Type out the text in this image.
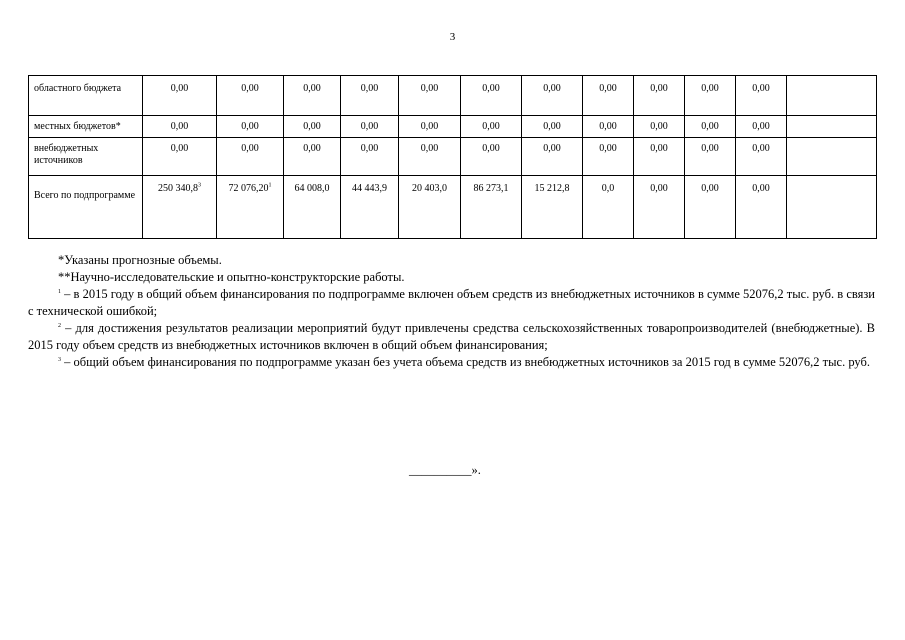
3
областного бюджета	0,00	0,00	0,00	0,00	0,00	0,00	0,00	0,00	0,00	0,00	0,00	
местных бюджетов*	0,00	0,00	0,00	0,00	0,00	0,00	0,00	0,00	0,00	0,00	0,00	
внебюджетных источников	0,00	0,00	0,00	0,00	0,00	0,00	0,00	0,00	0,00	0,00	0,00	
Всего по подпрограмме	250 340,8$^3$	72 076,20$^1$	64 008,0	44 443,9	20 403,0	86 273,1	15 212,8	0,0	0,00	0,00	0,00	

*Указаны прогнозные объемы.

**Научно-исследовательские и опытно-конструкторские работы.

$^1$ – в 2015 году в общий объем финансирования по подпрограмме включен объем средств из внебюджетных источников в сумме 52076,2 тыс. руб. в связи с технической ошибкой;

$^2$ – для достижения результатов реализации мероприятий будут привлечены средства сельскохозяйственных товаропроизводителей (внебюджетные). В 2015 году объем средств из внебюджетных источников включен в общий объем финансирования;

$^3$ – общий объем финансирования по подпрограмме указан без учета объема средств из внебюджетных источников за 2015 год в сумме 52076,2 тыс. руб.

__________».
